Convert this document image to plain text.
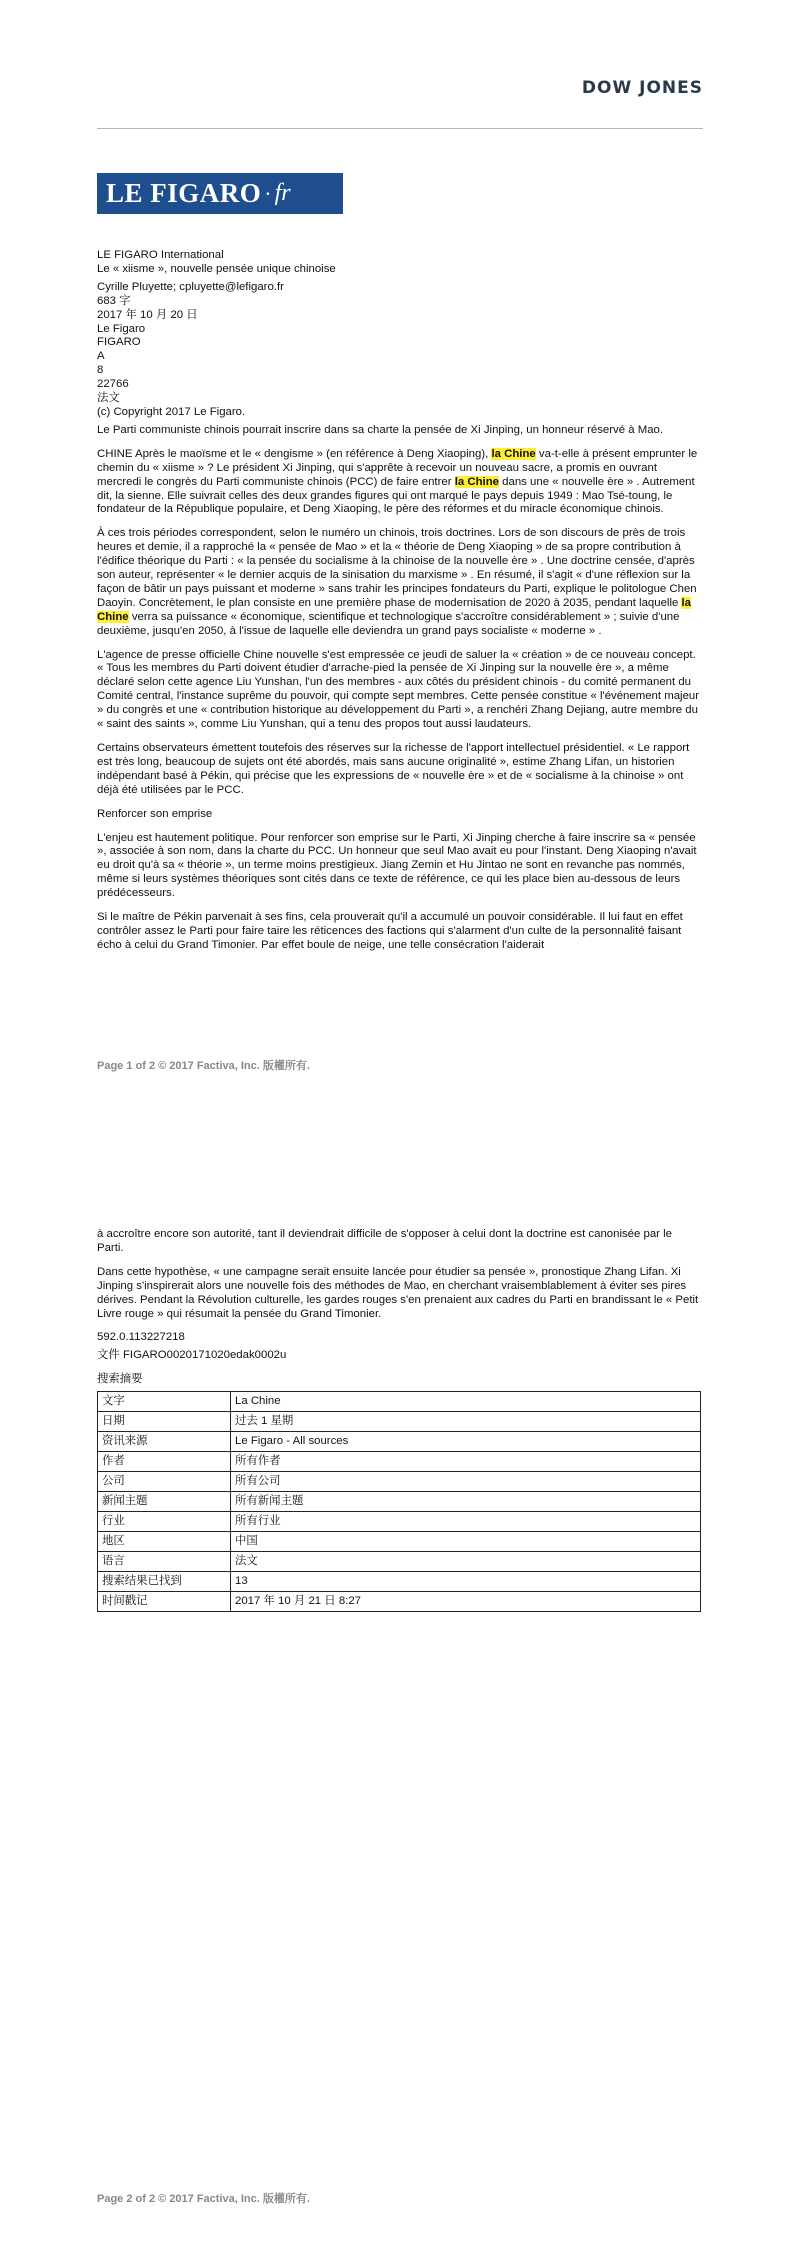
DOW JONES
LE FIGARO · fr
LE FIGARO International
Le « xiisme », nouvelle pensée unique chinoise
Cyrille Pluyette; cpluyette@lefigaro.fr
683 字
2017 年 10 月 20 日
Le Figaro
FIGARO
A
8
22766
法文
(c) Copyright 2017 Le Figaro.

Le Parti communiste chinois pourrait inscrire dans sa charte la pensée de Xi Jinping, un honneur réservé à Mao.

CHINE Après le maoïsme et le « dengisme » (en référence à Deng Xiaoping), la Chine va-t-elle à présent emprunter le chemin du « xiisme » ? Le président Xi Jinping, qui s'apprête à recevoir un nouveau sacre, a promis en ouvrant mercredi le congrès du Parti communiste chinois (PCC) de faire entrer la Chine dans une « nouvelle ère » . Autrement dit, la sienne. Elle suivrait celles des deux grandes figures qui ont marqué le pays depuis 1949 : Mao Tsé-toung, le fondateur de la République populaire, et Deng Xiaoping, le père des réformes et du miracle économique chinois.

À ces trois périodes correspondent, selon le numéro un chinois, trois doctrines. Lors de son discours de près de trois heures et demie, il a rapproché la « pensée de Mao » et la « théorie de Deng Xiaoping » de sa propre contribution à l'édifice théorique du Parti : « la pensée du socialisme à la chinoise de la nouvelle ère » . Une doctrine censée, d'après son auteur, représenter « le dernier acquis de la sinisation du marxisme » . En résumé, il s'agit « d'une réflexion sur la façon de bâtir un pays puissant et moderne » sans trahir les principes fondateurs du Parti, explique le politologue Chen Daoyin. Concrètement, le plan consiste en une première phase de modernisation de 2020 à 2035, pendant laquelle la Chine verra sa puissance « économique, scientifique et technologique s'accroître considérablement » ; suivie d'une deuxième, jusqu'en 2050, à l'issue de laquelle elle deviendra un grand pays socialiste « moderne » .

L'agence de presse officielle Chine nouvelle s'est empressée ce jeudi de saluer la « création » de ce nouveau concept. « Tous les membres du Parti doivent étudier d'arrache-pied la pensée de Xi Jinping sur la nouvelle ère », a même déclaré selon cette agence Liu Yunshan, l'un des membres - aux côtés du président chinois - du comité permanent du Comité central, l'instance suprême du pouvoir, qui compte sept membres. Cette pensée constitue « l'événement majeur » du congrès et une « contribution historique au développement du Parti », a renchéri Zhang Dejiang, autre membre du « saint des saints », comme Liu Yunshan, qui a tenu des propos tout aussi laudateurs.

Certains observateurs émettent toutefois des réserves sur la richesse de l'apport intellectuel présidentiel. « Le rapport est très long, beaucoup de sujets ont été abordés, mais sans aucune originalité », estime Zhang Lifan, un historien indépendant basé à Pékin, qui précise que les expressions de « nouvelle ère » et de « socialisme à la chinoise » ont déjà été utilisées par le PCC.

Renforcer son emprise

L'enjeu est hautement politique. Pour renforcer son emprise sur le Parti, Xi Jinping cherche à faire inscrire sa « pensée », associée à son nom, dans la charte du PCC. Un honneur que seul Mao avait eu pour l'instant. Deng Xiaoping n'avait eu droit qu'à sa « théorie », un terme moins prestigieux. Jiang Zemin et Hu Jintao ne sont en revanche pas nommés, même si leurs systèmes théoriques sont cités dans ce texte de référence, ce qui les place bien au-dessous de leurs prédécesseurs.

Si le maître de Pékin parvenait à ses fins, cela prouverait qu'il a accumulé un pouvoir considérable. Il lui faut en effet contrôler assez le Parti pour faire taire les réticences des factions qui s'alarment d'un culte de la personnalité faisant écho à celui du Grand Timonier. Par effet boule de neige, une telle consécration l'aiderait

Page 1 of 2 © 2017 Factiva, Inc. 版權所有.

à accroître encore son autorité, tant il deviendrait difficile de s'opposer à celui dont la doctrine est canonisée par le Parti.

Dans cette hypothèse, « une campagne serait ensuite lancée pour étudier sa pensée », pronostique Zhang Lifan. Xi Jinping s'inspirerait alors une nouvelle fois des méthodes de Mao, en cherchant vraisemblablement à éviter ses pires dérives. Pendant la Révolution culturelle, les gardes rouges s'en prenaient aux cadres du Parti en brandissant le « Petit Livre rouge » qui résumait la pensée du Grand Timonier.

592.0.113227218

文件 FIGARO0020171020edak0002u

搜索摘要
文字	La Chine
日期	过去 1 星期
资讯来源	Le Figaro - All sources
作者	所有作者
公司	所有公司
新闻主题	所有新闻主题
行业	所有行业
地区	中国
语言	法文
搜索结果已找到	13
时间戳记	2017 年 10 月 21 日 8:27
Page 2 of 2 © 2017 Factiva, Inc. 版權所有.
